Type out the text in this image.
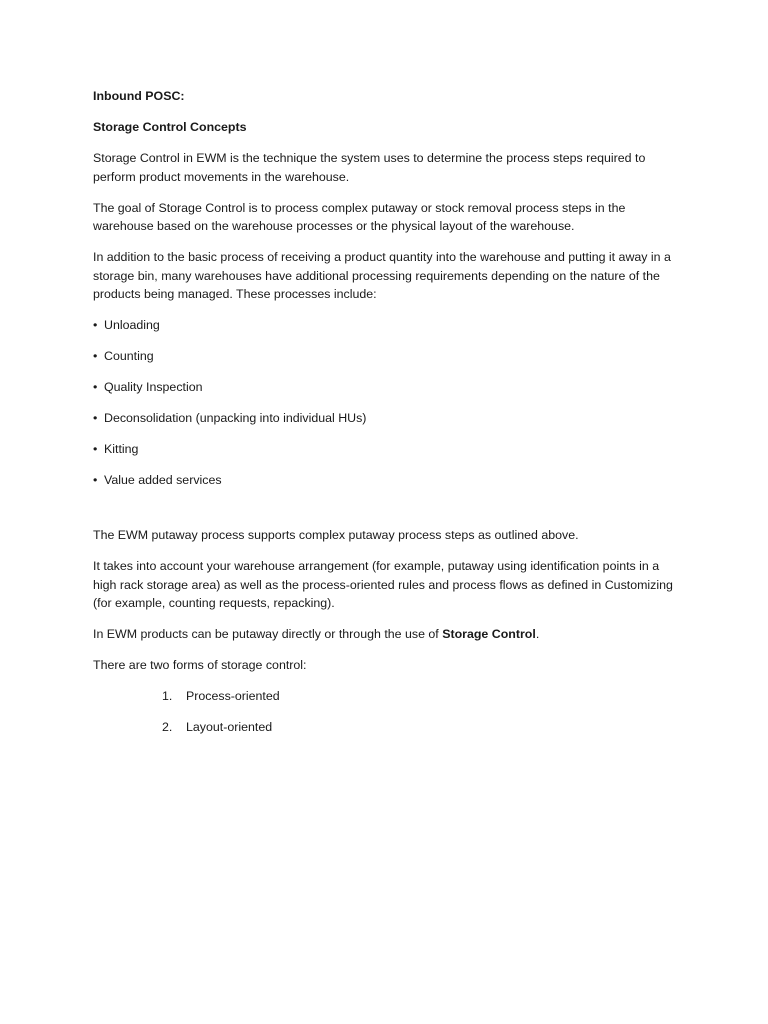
Inbound POSC:

Storage Control Concepts

Storage Control in EWM is the technique the system uses to determine the process steps required to perform product movements in the warehouse.

The goal of Storage Control is to process complex putaway or stock removal process steps in the warehouse based on the warehouse processes or the physical layout of the warehouse.

In addition to the basic process of receiving a product quantity into the warehouse and putting it away in a storage bin, many warehouses have additional processing requirements depending on the nature of the products being managed. These processes include:

• Unloading
• Counting
• Quality Inspection
• Deconsolidation (unpacking into individual HUs)
• Kitting
• Value added services

The EWM putaway process supports complex putaway process steps as outlined above.

It takes into account your warehouse arrangement (for example, putaway using identification points in a high rack storage area) as well as the process-oriented rules and process flows as defined in Customizing (for example, counting requests, repacking).

In EWM products can be putaway directly or through the use of Storage Control.

There are two forms of storage control:

1.	Process-oriented
2.	Layout-oriented
